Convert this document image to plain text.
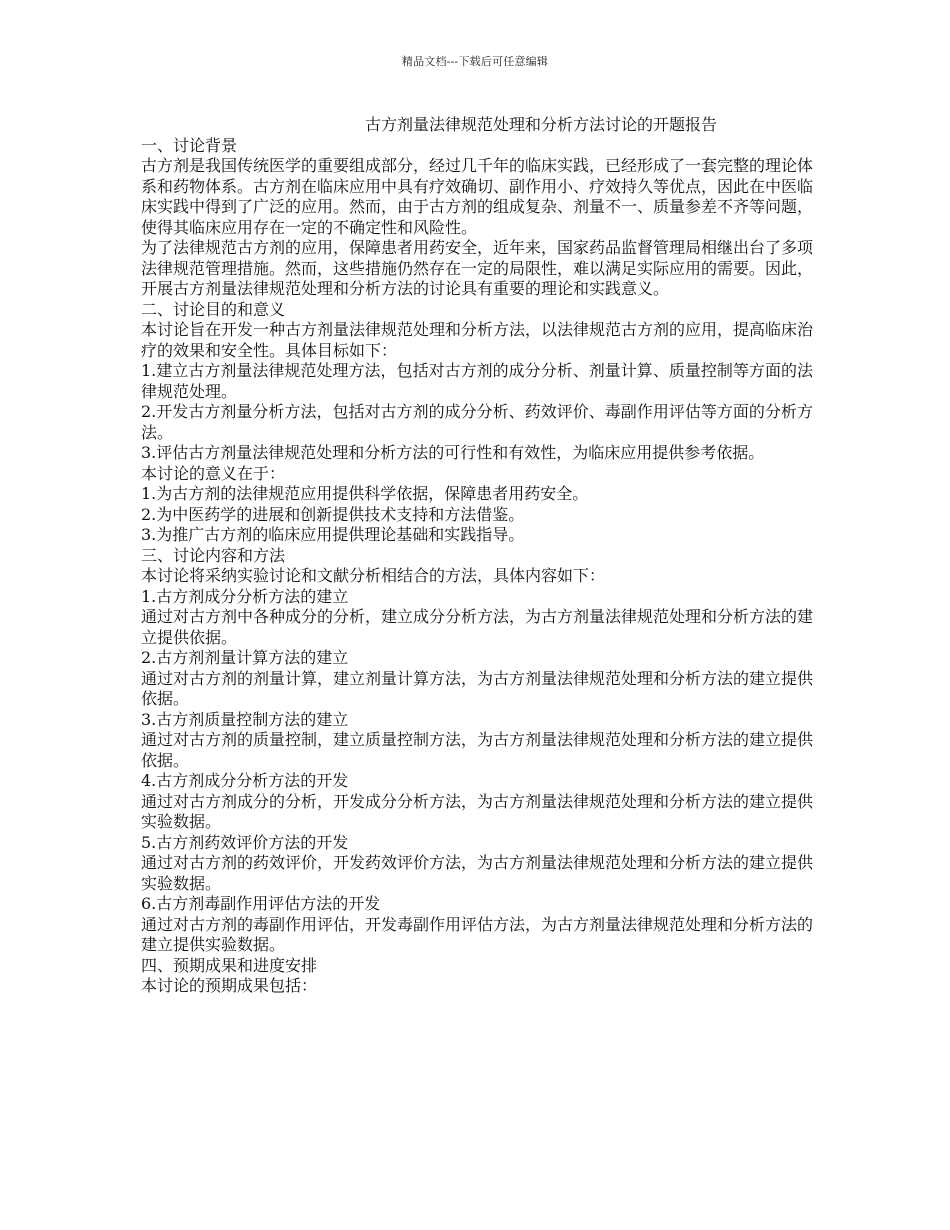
精品文档---下载后可任意编辑
古方剂量法律规范处理和分析方法讨论的开题报告

一、讨论背景

古方剂是我国传统医学的重要组成部分，经过几千年的临床实践，已经形成了一套完整的理论体系和药物体系。古方剂在临床应用中具有疗效确切、副作用小、疗效持久等优点，因此在中医临床实践中得到了广泛的应用。然而，由于古方剂的组成复杂、剂量不一、质量参差不齐等问题，使得其临床应用存在一定的不确定性和风险性。

为了法律规范古方剂的应用，保障患者用药安全，近年来，国家药品监督管理局相继出台了多项法律规范管理措施。然而，这些措施仍然存在一定的局限性，难以满足实际应用的需要。因此，开展古方剂量法律规范处理和分析方法的讨论具有重要的理论和实践意义。

二、讨论目的和意义

本讨论旨在开发一种古方剂量法律规范处理和分析方法，以法律规范古方剂的应用，提高临床治疗的效果和安全性。具体目标如下：

1.建立古方剂量法律规范处理方法，包括对古方剂的成分分析、剂量计算、质量控制等方面的法律规范处理。

2.开发古方剂量分析方法，包括对古方剂的成分分析、药效评价、毒副作用评估等方面的分析方法。

3.评估古方剂量法律规范处理和分析方法的可行性和有效性，为临床应用提供参考依据。

本讨论的意义在于：

1.为古方剂的法律规范应用提供科学依据，保障患者用药安全。

2.为中医药学的进展和创新提供技术支持和方法借鉴。

3.为推广古方剂的临床应用提供理论基础和实践指导。

三、讨论内容和方法

本讨论将采纳实验讨论和文献分析相结合的方法，具体内容如下：

1.古方剂成分分析方法的建立

通过对古方剂中各种成分的分析，建立成分分析方法，为古方剂量法律规范处理和分析方法的建立提供依据。

2.古方剂剂量计算方法的建立

通过对古方剂的剂量计算，建立剂量计算方法，为古方剂量法律规范处理和分析方法的建立提供依据。

3.古方剂质量控制方法的建立

通过对古方剂的质量控制，建立质量控制方法，为古方剂量法律规范处理和分析方法的建立提供依据。

4.古方剂成分分析方法的开发

通过对古方剂成分的分析，开发成分分析方法，为古方剂量法律规范处理和分析方法的建立提供实验数据。

5.古方剂药效评价方法的开发

通过对古方剂的药效评价，开发药效评价方法，为古方剂量法律规范处理和分析方法的建立提供实验数据。

6.古方剂毒副作用评估方法的开发

通过对古方剂的毒副作用评估，开发毒副作用评估方法，为古方剂量法律规范处理和分析方法的建立提供实验数据。

四、预期成果和进度安排

本讨论的预期成果包括：
